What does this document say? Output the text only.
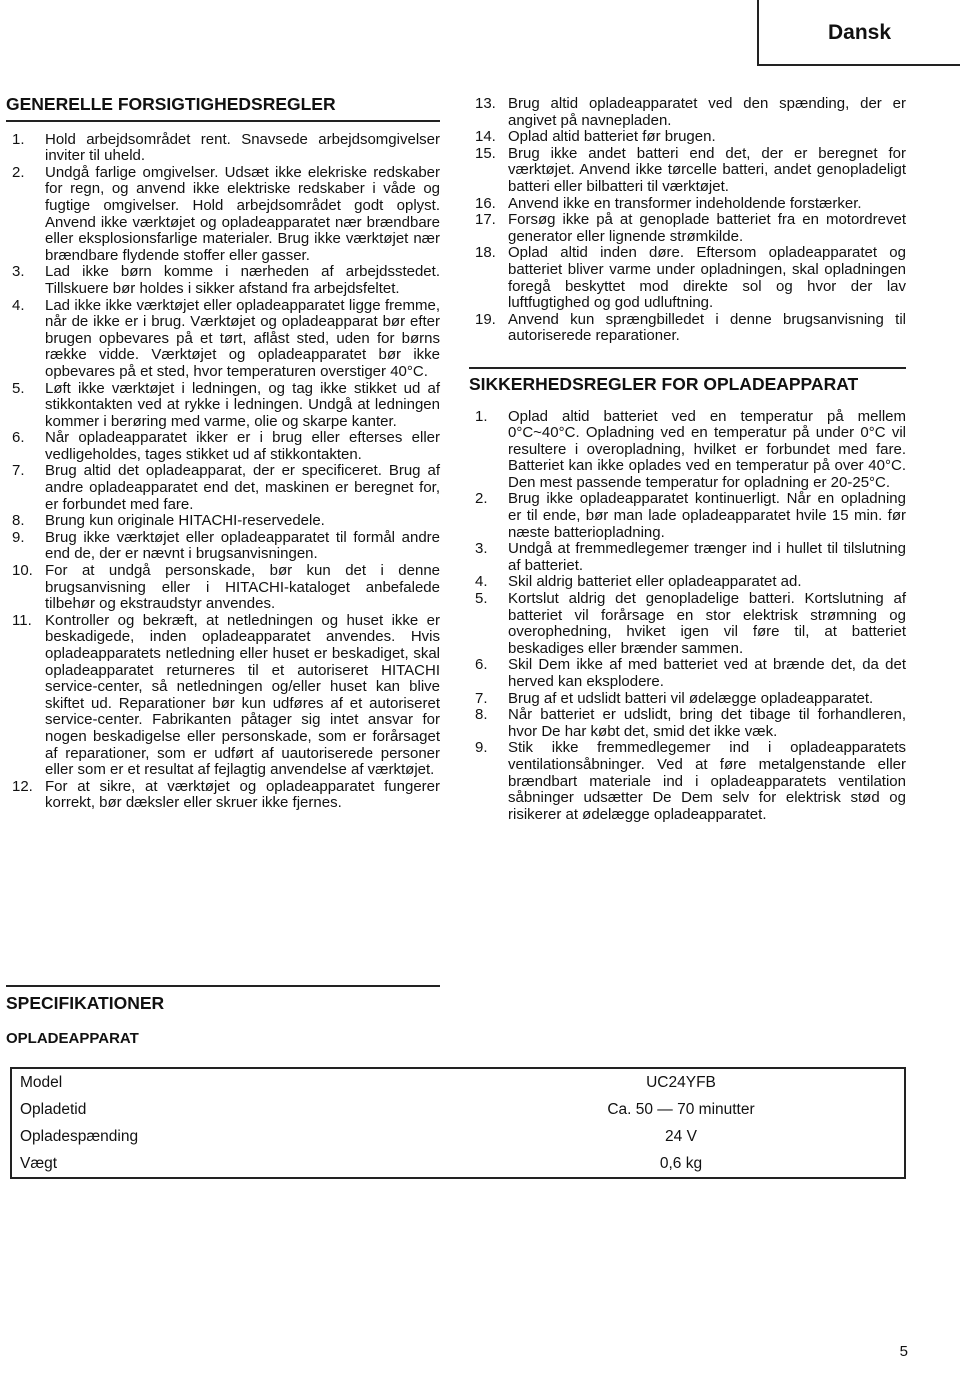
Dansk
GENERELLE FORSIGTIGHEDSREGLER
1.	Hold arbejdsområdet rent. Snavsede arbejdsomgivelser inviter til uheld.
2.	Undgå farlige omgivelser. Udsæt ikke elekriske redskaber for regn, og anvend ikke elektriske redskaber i våde og fugtige omgivelser. Hold arbejdsområdet godt oplyst. Anvend ikke værktøjet og opladeapparatet nær brændbare eller eksplosionsfarlige materialer. Brug ikke værktøjet nær brændbare flydende stoffer eller gasser.
3.	Lad ikke børn komme i nærheden af arbejdsstedet. Tillskuere bør holdes i sikker afstand fra arbejdsfeltet.
4.	Lad ikke ikke værktøjet eller opladeapparatet ligge fremme, når de ikke er i brug. Værktøjet og opladeapparat bør efter brugen opbevares på et tørt, aflåst sted, uden for børns række vidde. Værktøjet og opladeapparatet bør ikke opbevares på et sted, hvor temperaturen overstiger 40°C.
5.	Løft ikke værktøjet i ledningen, og tag ikke stikket ud af stikkontakten ved at rykke i ledningen. Undgå at ledningen kommer i berøring med varme, olie og skarpe kanter.
6.	Når opladeapparatet ikker er i brug eller efterses eller vedligeholdes, tages stikket ud af stikkontakten.
7.	Brug altid det opladeapparat, der er specificeret. Brug af andre opladeapparatet end det, maskinen er beregnet for, er forbundet med fare.
8.	Brung kun originale HITACHI-reservedele.
9.	Brug ikke værktøjet eller opladeapparatet til formål andre end de, der er nævnt i brugsanvisningen.
10. For at undgå personskade, bør kun det i denne brugsanvisning eller i HITACHI-kataloget anbefalede tilbehør og ekstraudstyr anvendes.
11. Kontroller og bekræft, at netledningen og huset ikke er beskadigede, inden opladeapparatet anvendes. Hvis opladeapparatets netledning eller huset er beskadiget, skal opladeapparatet returneres til et autoriseret HITACHI service-center, så netledningen og/eller huset kan blive skiftet ud. Reparationer bør kun udføres af et autoriseret service-center. Fabrikanten påtager sig intet ansvar for nogen beskadigelse eller personskade, som er forårsaget af reparationer, som er udført af uautoriserede personer eller som er et resultat af fejlagtig anvendelse af værktøjet.
12. For at sikre, at værktøjet og opladeapparatet fungerer korrekt, bør dæksler eller skruer ikke fjernes.
13. Brug altid opladeapparatet ved den spænding, der er angivet på navnepladen.
14. Oplad altid batteriet før brugen.
15. Brug ikke andet batteri end det, der er beregnet for værktøjet. Anvend ikke tørcelle batteri, andet genopladeligt batteri eller bilbatteri til værktøjet.
16. Anvend ikke en transformer indeholdende forstærker.
17. Forsøg ikke på at genoplade batteriet fra en motordrevet generator eller lignende strømkilde.
18. Oplad altid inden døre. Eftersom opladeapparatet og batteriet bliver varme under opladningen, skal opladningen foregå beskyttet mod direkte sol og hvor der lav luftfugtighed og god udluftning.
19. Anvend kun sprængbilledet i denne brugsanvisning til autoriserede reparationer.
SIKKERHEDSREGLER FOR OPLADEAPPARAT
1.	Oplad altid batteriet ved en temperatur på mellem 0°C~40°C. Opladning ved en temperatur på under 0°C vil resultere i overopladning, hvilket er forbundet med fare. Batteriet kan ikke oplades ved en temperatur på over 40°C. Den mest passende temperatur for opladning er 20-25°C.
2.	Brug ikke opladeapparatet kontinuerligt. Når en opladning er til ende, bør man lade opladeapparatet hvile 15 min. før næste batteriopladning.
3.	Undgå at fremmedlegemer trænger ind i hullet til tilslutning af batteriet.
4.	Skil aldrig batteriet eller opladeapparatet ad.
5.	Kortslut aldrig det genopladelige batteri. Kortslutning af batteriet vil forårsage en stor elektrisk strømning og overophedning, hviket igen vil føre til, at batteriet beskadiges eller brænder sammen.
6.	Skil Dem ikke af med batteriet ved at brænde det, da det herved kan eksplodere.
7.	Brug af et udslidt batteri vil ødelægge opladeapparatet.
8.	Når batteriet er udslidt, bring det tibage til forhandleren, hvor De har købt det, smid det ikke væk.
9.	Stik ikke fremmedlegemer ind i opladeapparatets ventilationsåbninger. Ved at føre metalgenstande eller brændbart materiale ind i opladeapparatets ventilation såbninger udsætter De Dem selv for elektrisk stød og risikerer at ødelægge opladeapparatet.
SPECIFIKATIONER
OPLADEAPPARAT
Model	UC24YFB
Opladetid	Ca. 50 — 70 minutter
Opladespænding	24 V
Vægt	0,6 kg
5
